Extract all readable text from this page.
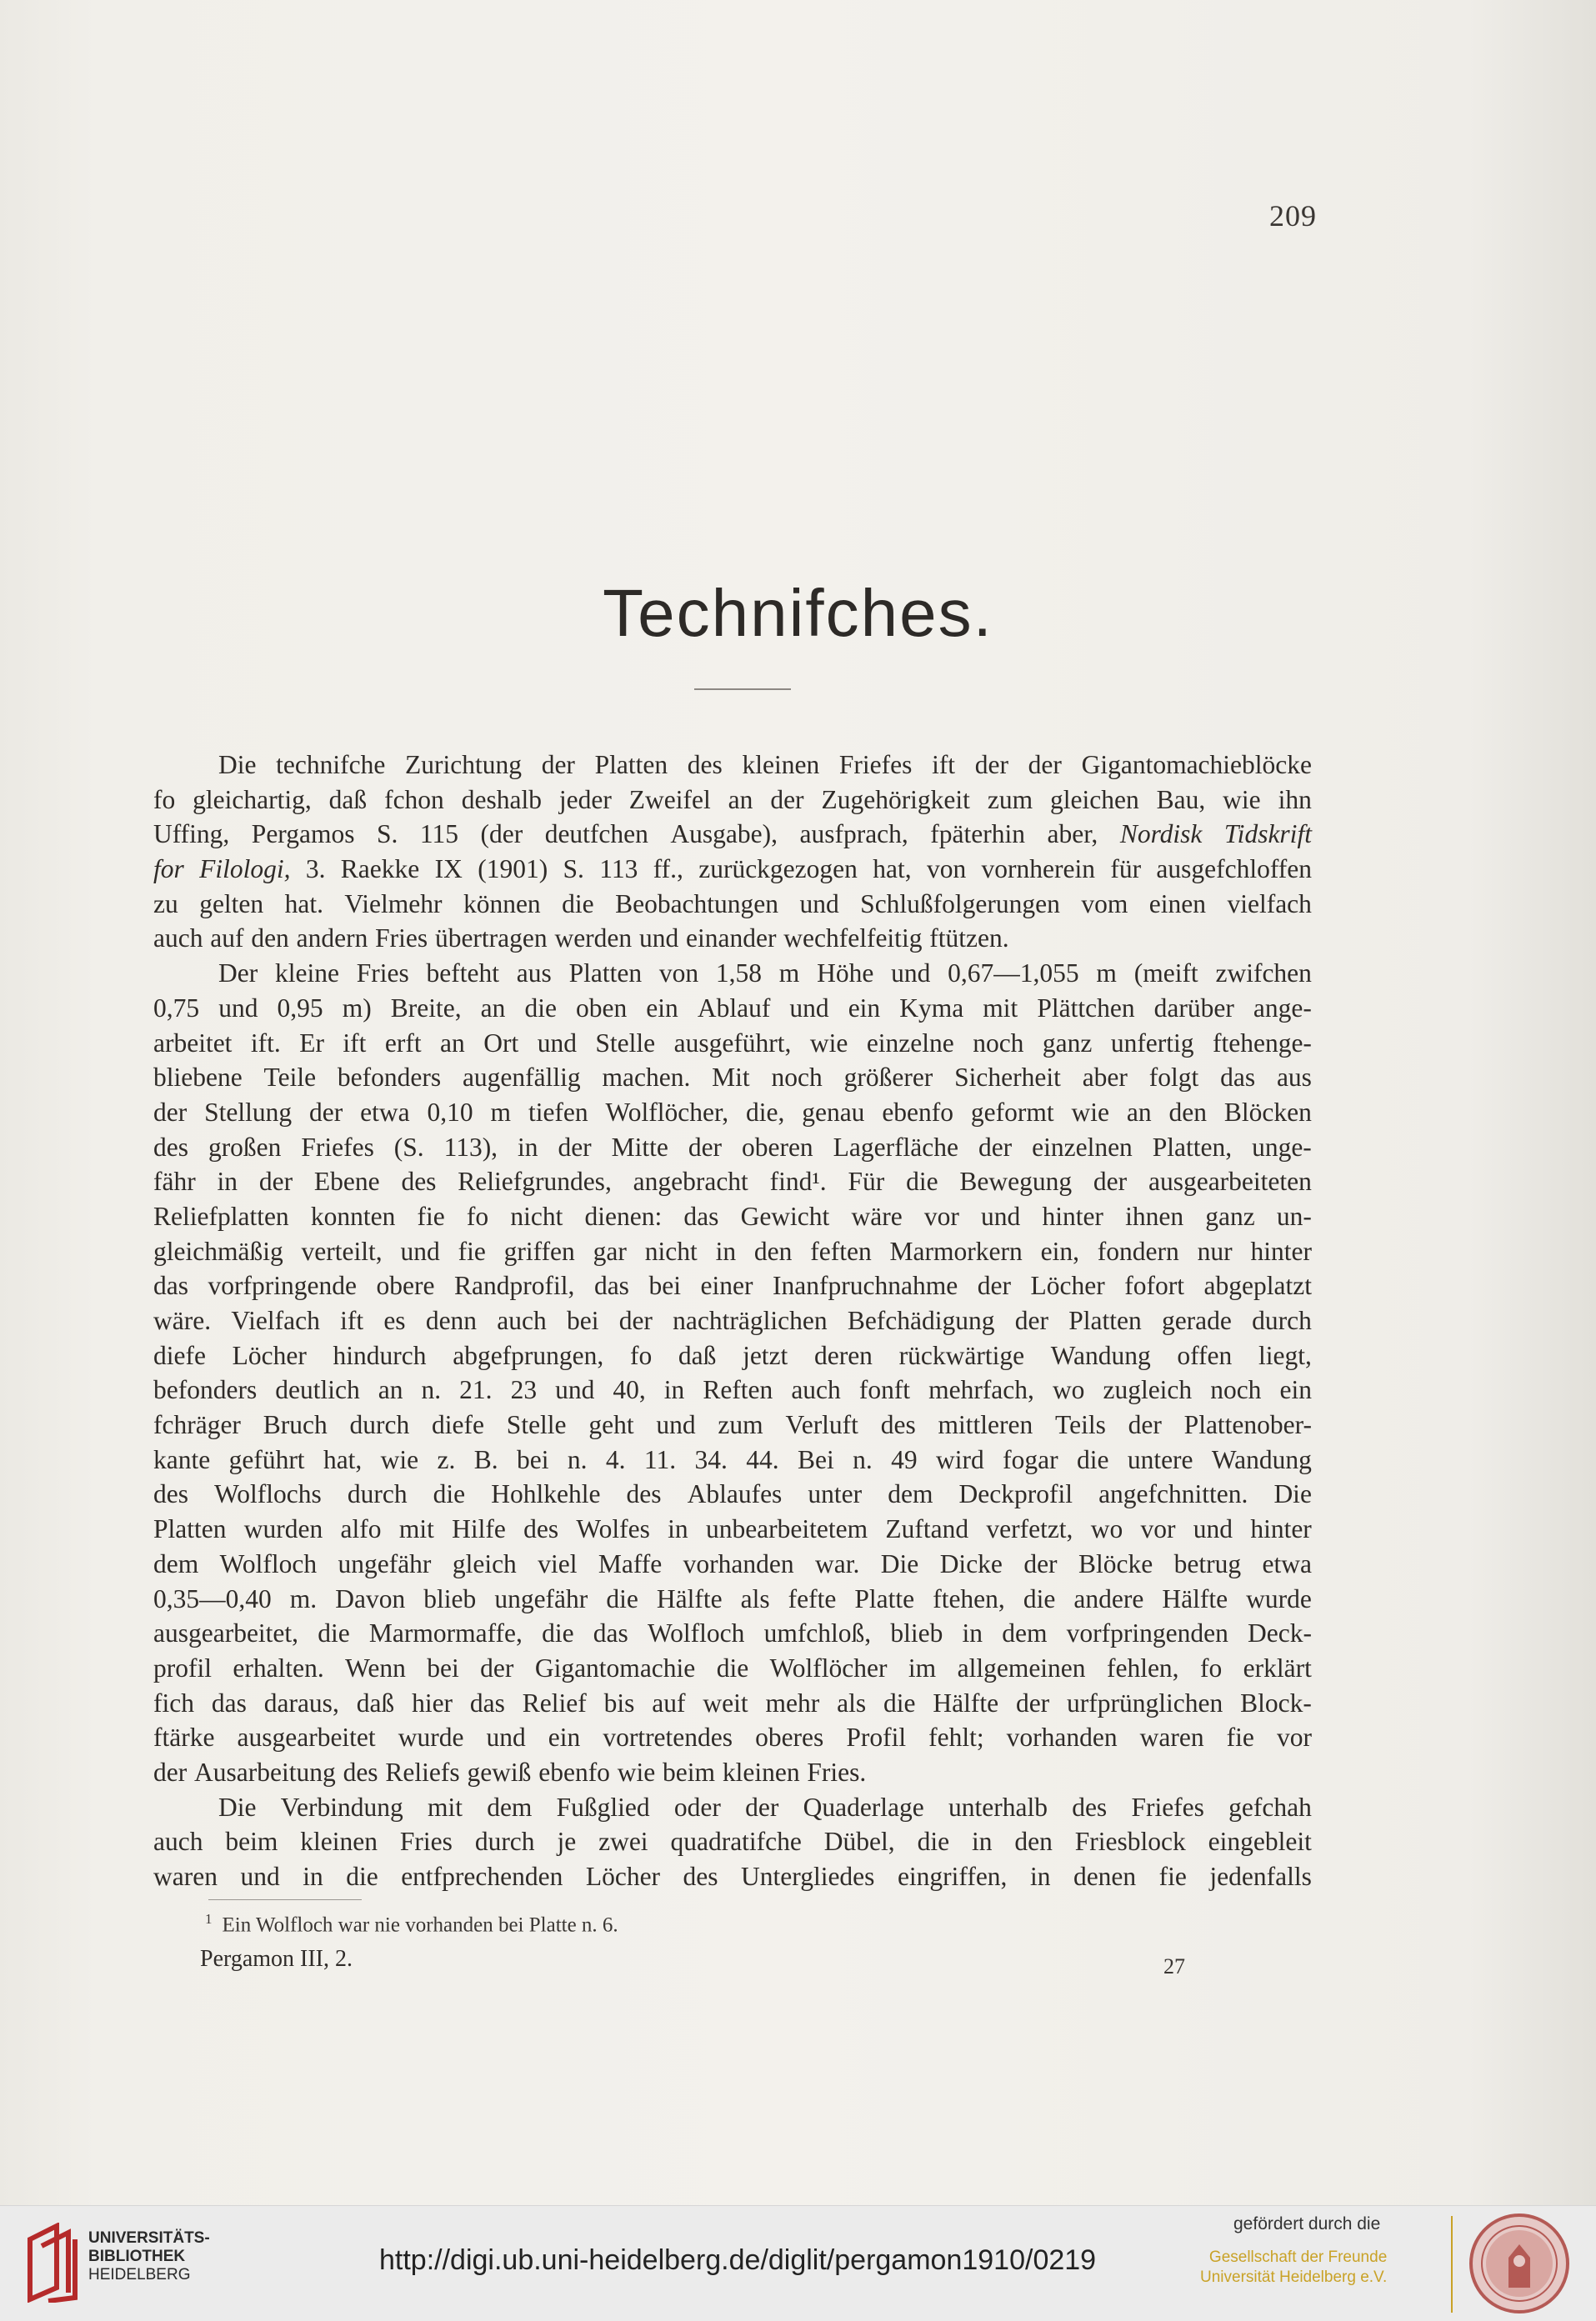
209
Technifches.
Die technifche Zurichtung der Platten des kleinen Friefes ift der der Gigantomachieblöcke
fo gleichartig, daß fchon deshalb jeder Zweifel an der Zugehörigkeit zum gleichen Bau, wie ihn
Uffing, Pergamos S. 115 (der deutfchen Ausgabe), ausfprach, fpäterhin aber, Nordisk Tidskrift
for Filologi, 3. Raekke IX (1901) S. 113 ff., zurückgezogen hat, von vornherein für ausgefchloffen
zu gelten hat. Vielmehr können die Beobachtungen und Schlußfolgerungen vom einen vielfach
auch auf den andern Fries übertragen werden und einander wechfelfeitig ftützen.
Der kleine Fries befteht aus Platten von 1,58 m Höhe und 0,67—1,055 m (meift zwifchen
0,75 und 0,95 m) Breite, an die oben ein Ablauf und ein Kyma mit Plättchen darüber ange-
arbeitet ift. Er ift erft an Ort und Stelle ausgeführt, wie einzelne noch ganz unfertig ftehenge-
bliebene Teile befonders augenfällig machen. Mit noch größerer Sicherheit aber folgt das aus
der Stellung der etwa 0,10 m tiefen Wolflöcher, die, genau ebenfo geformt wie an den Blöcken
des großen Friefes (S. 113), in der Mitte der oberen Lagerfläche der einzelnen Platten, unge-
fähr in der Ebene des Reliefgrundes, angebracht find¹. Für die Bewegung der ausgearbeiteten
Reliefplatten konnten fie fo nicht dienen: das Gewicht wäre vor und hinter ihnen ganz un-
gleichmäßig verteilt, und fie griffen gar nicht in den feften Marmorkern ein, fondern nur hinter
das vorfpringende obere Randprofil, das bei einer Inanfpruchnahme der Löcher fofort abgeplatzt
wäre. Vielfach ift es denn auch bei der nachträglichen Befchädigung der Platten gerade durch
diefe Löcher hindurch abgefprungen, fo daß jetzt deren rückwärtige Wandung offen liegt,
befonders deutlich an n. 21. 23 und 40, in Reften auch fonft mehrfach, wo zugleich noch ein
fchräger Bruch durch diefe Stelle geht und zum Verluft des mittleren Teils der Plattenober-
kante geführt hat, wie z. B. bei n. 4. 11. 34. 44. Bei n. 49 wird fogar die untere Wandung
des Wolflochs durch die Hohlkehle des Ablaufes unter dem Deckprofil angefchnitten. Die
Platten wurden alfo mit Hilfe des Wolfes in unbearbeitetem Zuftand verfetzt, wo vor und hinter
dem Wolfloch ungefähr gleich viel Maffe vorhanden war. Die Dicke der Blöcke betrug etwa
0,35—0,40 m. Davon blieb ungefähr die Hälfte als fefte Platte ftehen, die andere Hälfte wurde
ausgearbeitet, die Marmormaffe, die das Wolfloch umfchloß, blieb in dem vorfpringenden Deck-
profil erhalten. Wenn bei der Gigantomachie die Wolflöcher im allgemeinen fehlen, fo erklärt
fich das daraus, daß hier das Relief bis auf weit mehr als die Hälfte der urfprünglichen Block-
ftärke ausgearbeitet wurde und ein vortretendes oberes Profil fehlt; vorhanden waren fie vor
der Ausarbeitung des Reliefs gewiß ebenfo wie beim kleinen Fries.
Die Verbindung mit dem Fußglied oder der Quaderlage unterhalb des Friefes gefchah
auch beim kleinen Fries durch je zwei quadratifche Dübel, die in den Friesblock eingebleit
waren und in die entfprechenden Löcher des Untergliedes eingriffen, in denen fie jedenfalls
$^1$ Ein Wolfloch war nie vorhanden bei Platte n. 6.
Pergamon III, 2.	27
UNIVERSITÄTS-
BIBLIOTHEK
HEIDELBERG	http://digi.ub.uni-heidelberg.de/diglit/pergamon1910/0219
gefördert durch die
Gesellschaft der Freunde
Universität Heidelberg e.V.
